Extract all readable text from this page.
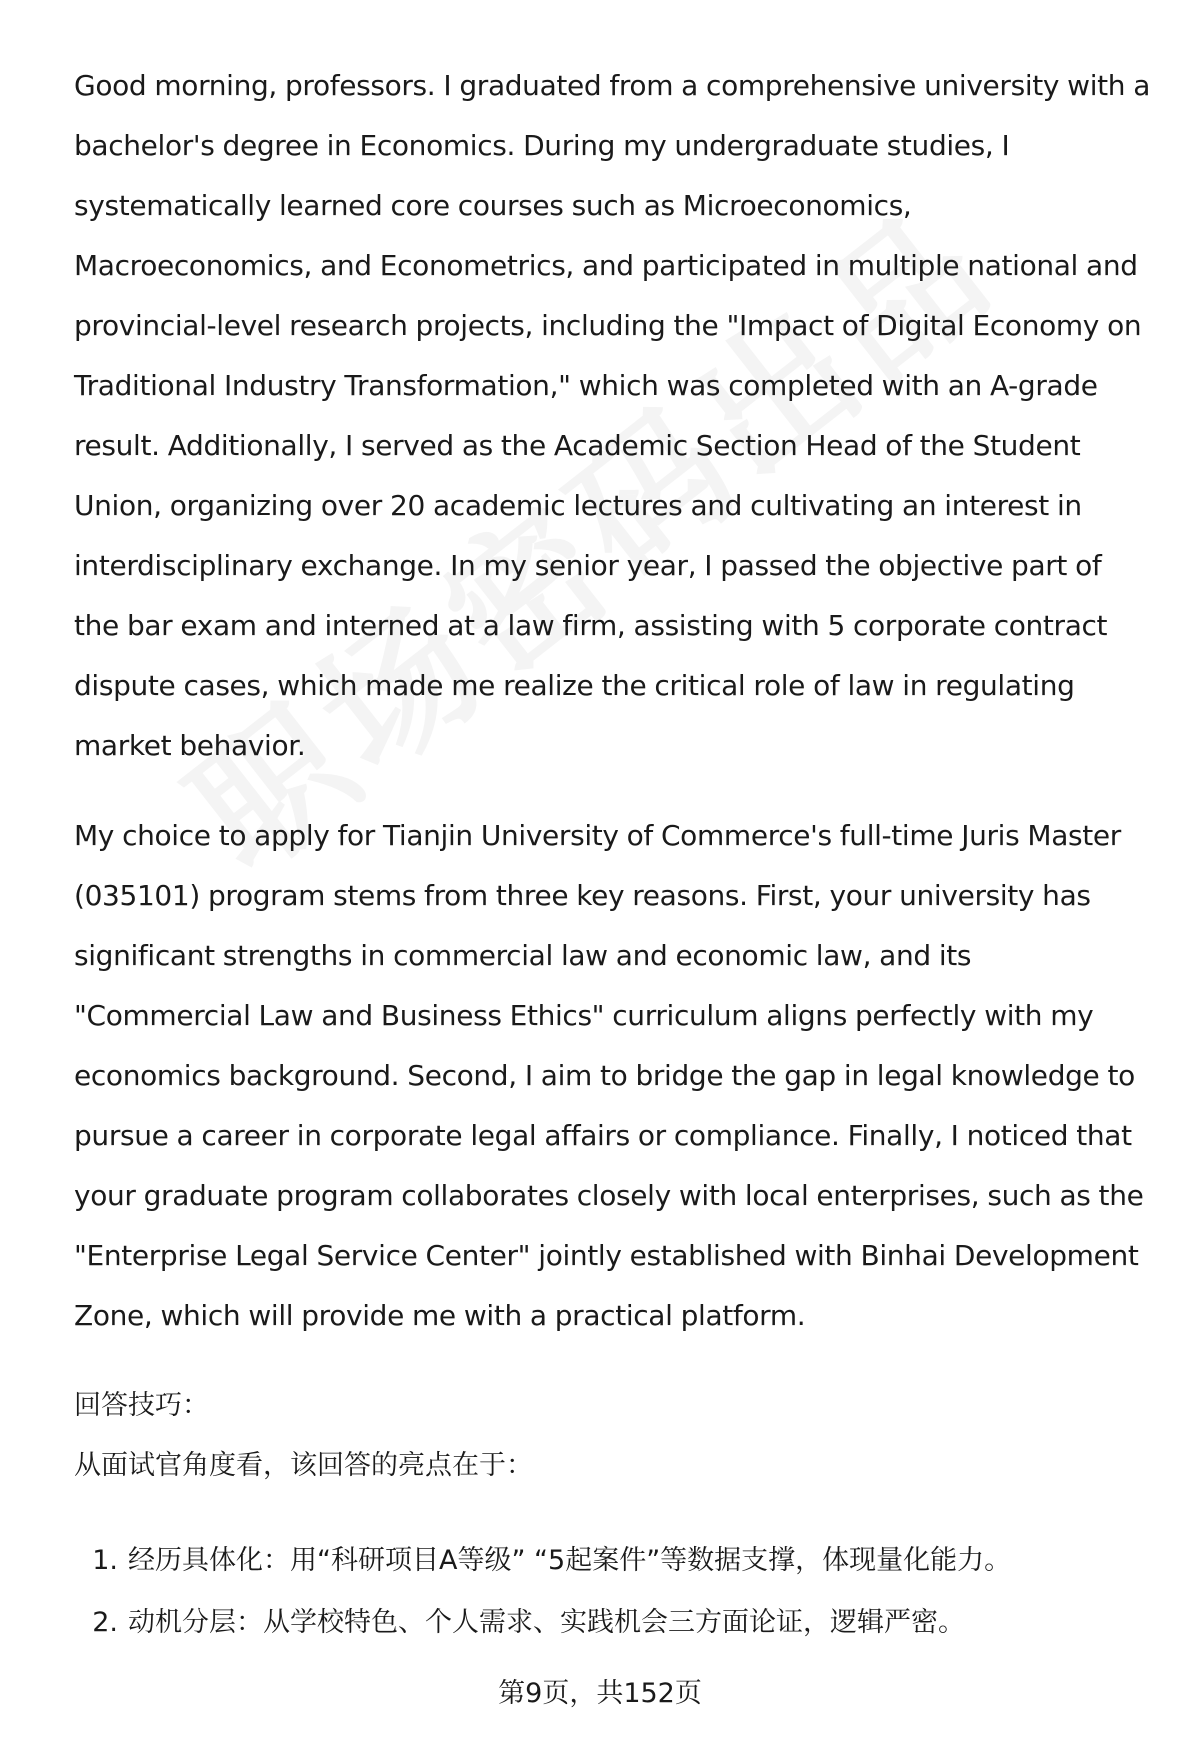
Good morning, professors. I graduated from a comprehensive university with a bachelor's degree in Economics. During my undergraduate studies, I systematically learned core courses such as Microeconomics, Macroeconomics, and Econometrics, and participated in multiple national and provincial-level research projects, including the "Impact of Digital Economy on Traditional Industry Transformation," which was completed with an A-grade result. Additionally, I served as the Academic Section Head of the Student Union, organizing over 20 academic lectures and cultivating an interest in interdisciplinary exchange. In my senior year, I passed the objective part of the bar exam and interned at a law firm, assisting with 5 corporate contract dispute cases, which made me realize the critical role of law in regulating market behavior.

My choice to apply for Tianjin University of Commerce's full-time Juris Master (035101) program stems from three key reasons. First, your university has significant strengths in commercial law and economic law, and its "Commercial Law and Business Ethics" curriculum aligns perfectly with my economics background. Second, I aim to bridge the gap in legal knowledge to pursue a career in corporate legal affairs or compliance. Finally, I noticed that your graduate program collaborates closely with local enterprises, such as the "Enterprise Legal Service Center" jointly established with Binhai Development Zone, which will provide me with a practical platform.

回答技巧：

从面试官角度看，该回答的亮点在于：

1. 经历具体化：用“科研项目A等级” “5起案件”等数据支撑，体现量化能力。
2. 动机分层：从学校特色、个人需求、实践机会三方面论证，逻辑严密。
第9页，共152页
